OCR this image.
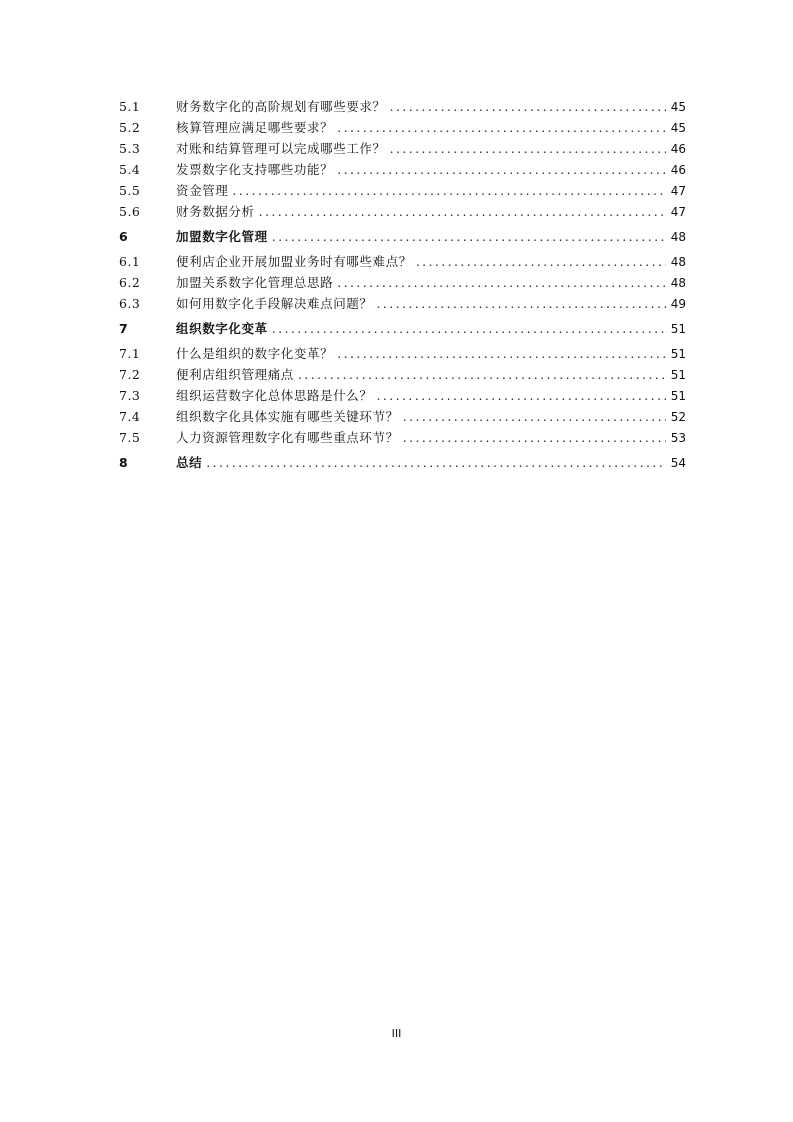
5.1	财务数字化的高阶规划有哪些要求？ .....	45
5.2	核算管理应满足哪些要求？ .....	45
5.3	对账和结算管理可以完成哪些工作？ .....	46
5.4	发票数字化支持哪些功能？ .....	46
5.5	资金管理 .....	47
5.6	财务数据分析 .....	47
6	加盟数字化管理 .....	48
6.1	便利店企业开展加盟业务时有哪些难点？ .....	48
6.2	加盟关系数字化管理总思路 .....	48
6.3	如何用数字化手段解决难点问题？ .....	49
7	组织数字化变革 .....	51
7.1	什么是组织的数字化变革？ .....	51
7.2	便利店组织管理痛点 .....	51
7.3	组织运营数字化总体思路是什么？ .....	51
7.4	组织数字化具体实施有哪些关键环节？ .....	52
7.5	人力资源管理数字化有哪些重点环节？ .....	53
8	总结 .....	54
III
